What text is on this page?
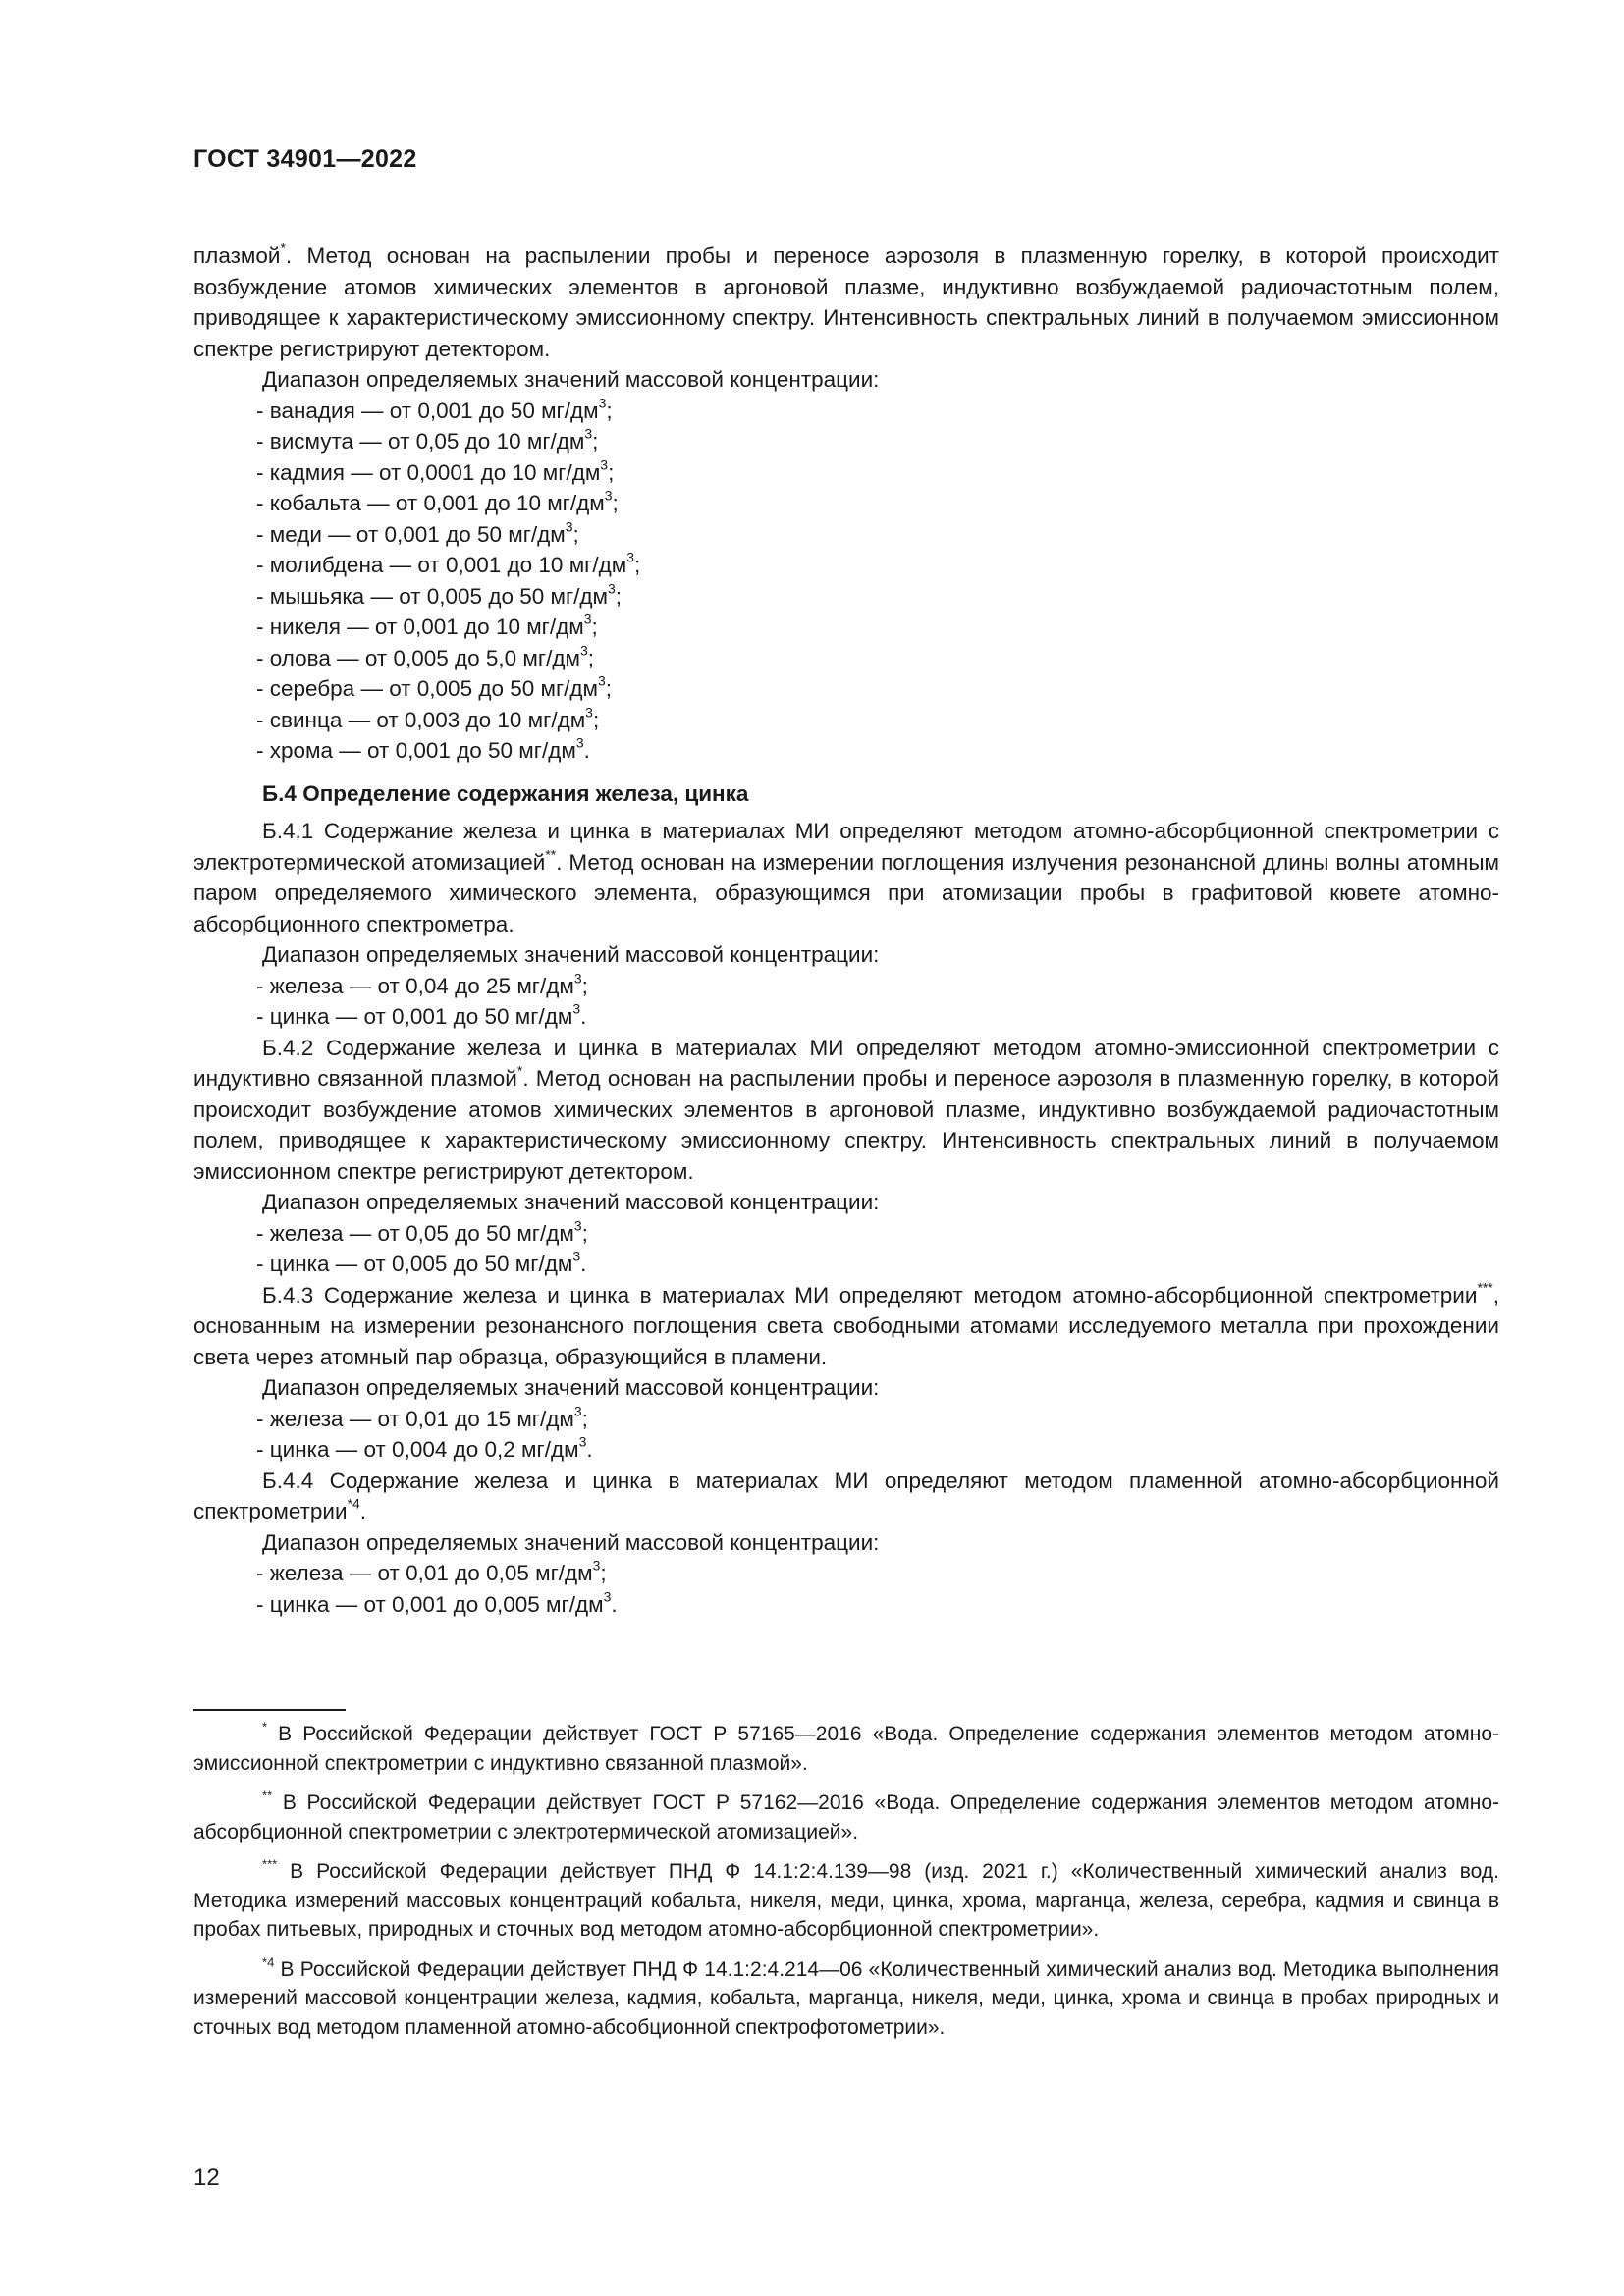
ГОСТ 34901—2022

плазмой*. Метод основан на распылении пробы и переносе аэрозоля в плазменную горелку, в которой происходит возбуждение атомов химических элементов в аргоновой плазме, индуктивно возбуждаемой радиочастотным полем, приводящее к характеристическому эмиссионному спектру. Интенсивность спектральных линий в получаемом эмиссионном спектре регистрируют детектором.

Диапазон определяемых значений массовой концентрации:

- ванадия — от 0,001 до 50 $мг/дм^3$;

- висмута — от 0,05 до 10 $мг/дм^3$;

- кадмия — от 0,0001 до 10 $мг/дм^3$;

- кобальта — от 0,001 до 10 $мг/дм^3$;

- меди — от 0,001 до 50 $мг/дм^3$;

- молибдена — от 0,001 до 10 $мг/дм^3$;

- мышьяка — от 0,005 до 50 $мг/дм^3$;

- никеля — от 0,001 до 10 $мг/дм^3$;

- олова — от 0,005 до 5,0 $мг/дм^3$;

- серебра — от 0,005 до 50 $мг/дм^3$;

- свинца — от 0,003 до 10 $мг/дм^3$;

- хрома — от 0,001 до 50 $мг/дм^3$.

Б.4 Определение содержания железа, цинка

Б.4.1 Содержание железа и цинка в материалах МИ определяют методом атомно-абсорбционной спектрометрии с электротермической атомизацией**. Метод основан на измерении поглощения излучения резонансной длины волны атомным паром определяемого химического элемента, образующимся при атомизации пробы в графитовой кювете атомно-абсорбционного спектрометра.

Диапазон определяемых значений массовой концентрации:

- железа — от 0,04 до 25 $мг/дм^3$;

- цинка — от 0,001 до 50 $мг/дм^3$.

Б.4.2 Содержание железа и цинка в материалах МИ определяют методом атомно-эмиссионной спектрометрии с индуктивно связанной плазмой*. Метод основан на распылении пробы и переносе аэрозоля в плазменную горелку, в которой происходит возбуждение атомов химических элементов в аргоновой плазме, индуктивно возбуждаемой радиочастотным полем, приводящее к характеристическому эмиссионному спектру. Интенсивность спектральных линий в получаемом эмиссионном спектре регистрируют детектором.

Диапазон определяемых значений массовой концентрации:

- железа — от 0,05 до 50 $мг/дм^3$;

- цинка — от 0,005 до 50 $мг/дм^3$.

Б.4.3 Содержание железа и цинка в материалах МИ определяют методом атомно-абсорбционной спектрометрии***, основанным на измерении резонансного поглощения света свободными атомами исследуемого металла при прохождении света через атомный пар образца, образующийся в пламени.

Диапазон определяемых значений массовой концентрации:

- железа — от 0,01 до 15 $мг/дм^3$;

- цинка — от 0,004 до 0,2 $мг/дм^3$.

Б.4.4 Содержание железа и цинка в материалах МИ определяют методом пламенной атомно-абсорбционной спектрометрии$^{*4}$.

Диапазон определяемых значений массовой концентрации:

- железа — от 0,01 до 0,05 $мг/дм^3$;

- цинка — от 0,001 до 0,005 $мг/дм^3$.

* В Российской Федерации действует ГОСТ Р 57165—2016 «Вода. Определение содержания элементов методом атомно-эмиссионной спектрометрии с индуктивно связанной плазмой».

** В Российской Федерации действует ГОСТ Р 57162—2016 «Вода. Определение содержания элементов методом атомно-абсорбционной спектрометрии с электротермической атомизацией».

*** В Российской Федерации действует ПНД Ф 14.1:2:4.139—98 (изд. 2021 г.) «Количественный химический анализ вод. Методика измерений массовых концентраций кобальта, никеля, меди, цинка, хрома, марганца, железа, серебра, кадмия и свинца в пробах питьевых, природных и сточных вод методом атомно-абсорбционной спектрометрии».

$^{*4}$ В Российской Федерации действует ПНД Ф 14.1:2:4.214—06 «Количественный химический анализ вод. Методика выполнения измерений массовой концентрации железа, кадмия, кобальта, марганца, никеля, меди, цинка, хрома и свинца в пробах природных и сточных вод методом пламенной атомно-абсобционной спектрофотометрии».

12
